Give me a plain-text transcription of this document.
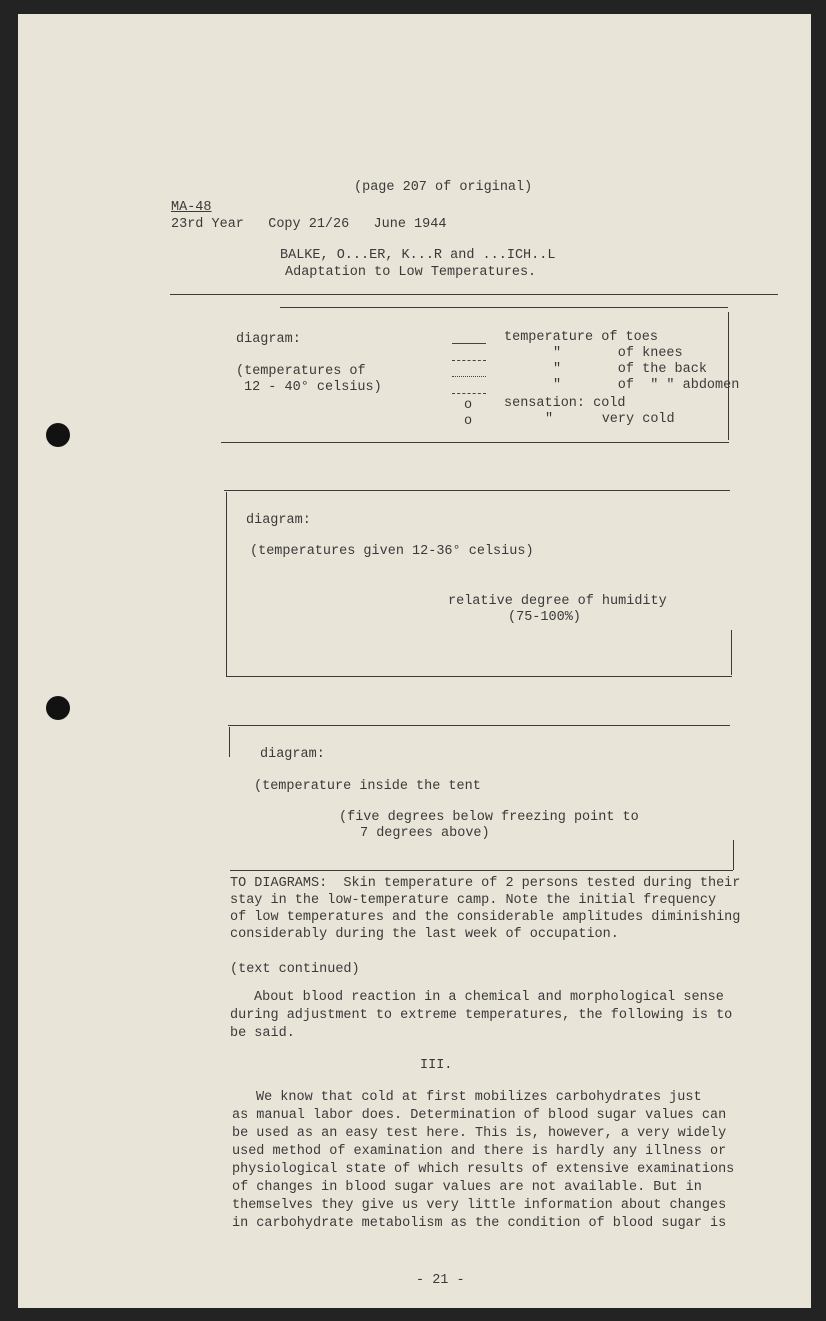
(page 207 of original)
MA-48
23rd Year   Copy 21/26   June 1944
BALKE, O...ER, K...R and ...ICH..L
Adaptation to Low Temperatures.
diagram:
(temperatures of
12 - 40° celsius)
o
o
temperature of toes
"       of knees
"       of the back
"       of  " " abdomen
sensation: cold
"      very cold
diagram:
(temperatures given 12-36° celsius)
relative degree of humidity
(75-100%)
diagram:
(temperature inside the tent
(five degrees below freezing point to
7 degrees above)
TO DIAGRAMS:  Skin temperature of 2 persons tested during their
stay in the low-temperature camp. Note the initial frequency
of low temperatures and the considerable amplitudes diminishing
considerably during the last week of occupation.
(text continued)
About blood reaction in a chemical and morphological sense
during adjustment to extreme temperatures, the following is to
be said.
III.
We know that cold at first mobilizes carbohydrates just
as manual labor does. Determination of blood sugar values can
be used as an easy test here. This is, however, a very widely
used method of examination and there is hardly any illness or
physiological state of which results of extensive examinations
of changes in blood sugar values are not available. But in
themselves they give us very little information about changes
in carbohydrate metabolism as the condition of blood sugar is
- 21 -
